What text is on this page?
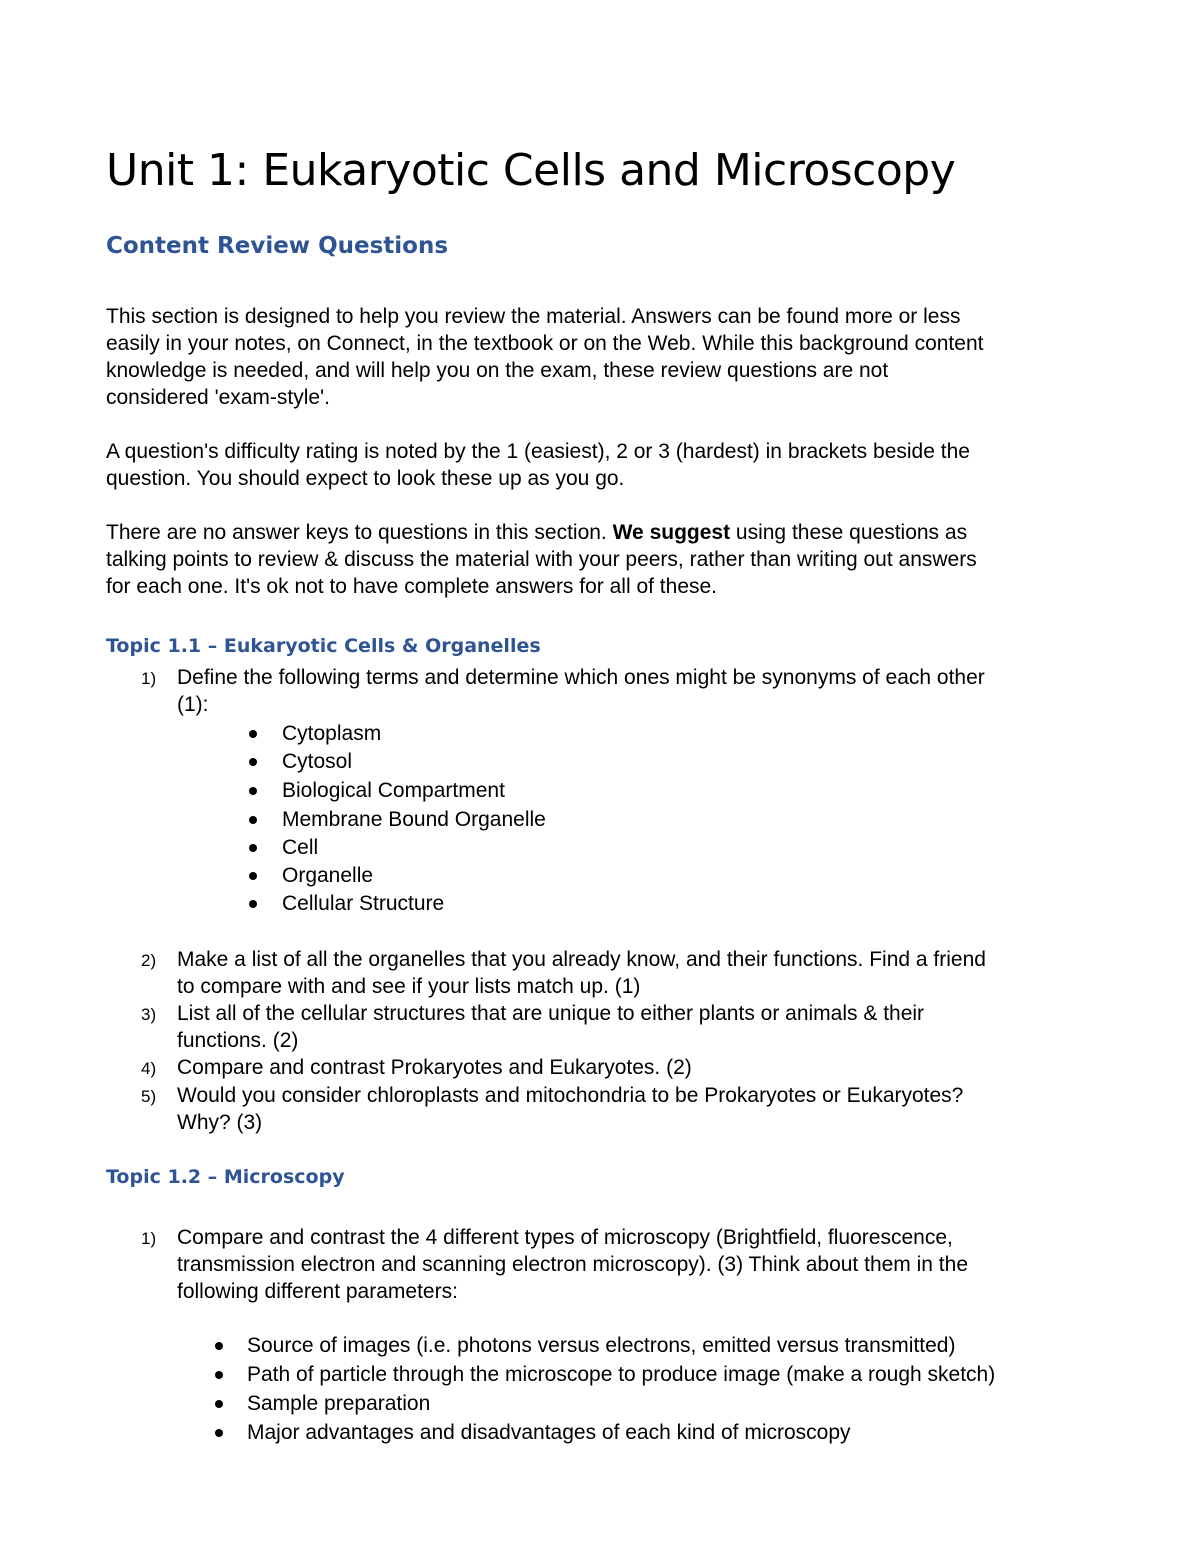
Unit 1: Eukaryotic Cells and Microscopy
Content Review Questions

This section is designed to help you review the material. Answers can be found more or less
easily in your notes, on Connect, in the textbook or on the Web. While this background content
knowledge is needed, and will help you on the exam, these review questions are not
considered 'exam-style'.

A question's difficulty rating is noted by the 1 (easiest), 2 or 3 (hardest) in brackets beside the
question. You should expect to look these up as you go.

There are no answer keys to questions in this section. We suggest using these questions as
talking points to review & discuss the material with your peers, rather than writing out answers
for each one. It's ok not to have complete answers for all of these.

Topic 1.1 – Eukaryotic Cells & Organelles
1) Define the following terms and determine which ones might be synonyms of each other
(1):
Cytoplasm
Cytosol
Biological Compartment
Membrane Bound Organelle
Cell
Organelle
Cellular Structure
2) Make a list of all the organelles that you already know, and their functions. Find a friend
to compare with and see if your lists match up. (1)
3) List all of the cellular structures that are unique to either plants or animals & their
functions. (2)
4) Compare and contrast Prokaryotes and Eukaryotes. (2)
5) Would you consider chloroplasts and mitochondria to be Prokaryotes or Eukaryotes?
Why? (3)
Topic 1.2 – Microscopy
1) Compare and contrast the 4 different types of microscopy (Brightfield, fluorescence,
transmission electron and scanning electron microscopy). (3) Think about them in the
following different parameters:
Source of images (i.e. photons versus electrons, emitted versus transmitted)
Path of particle through the microscope to produce image (make a rough sketch)
Sample preparation
Major advantages and disadvantages of each kind of microscopy
